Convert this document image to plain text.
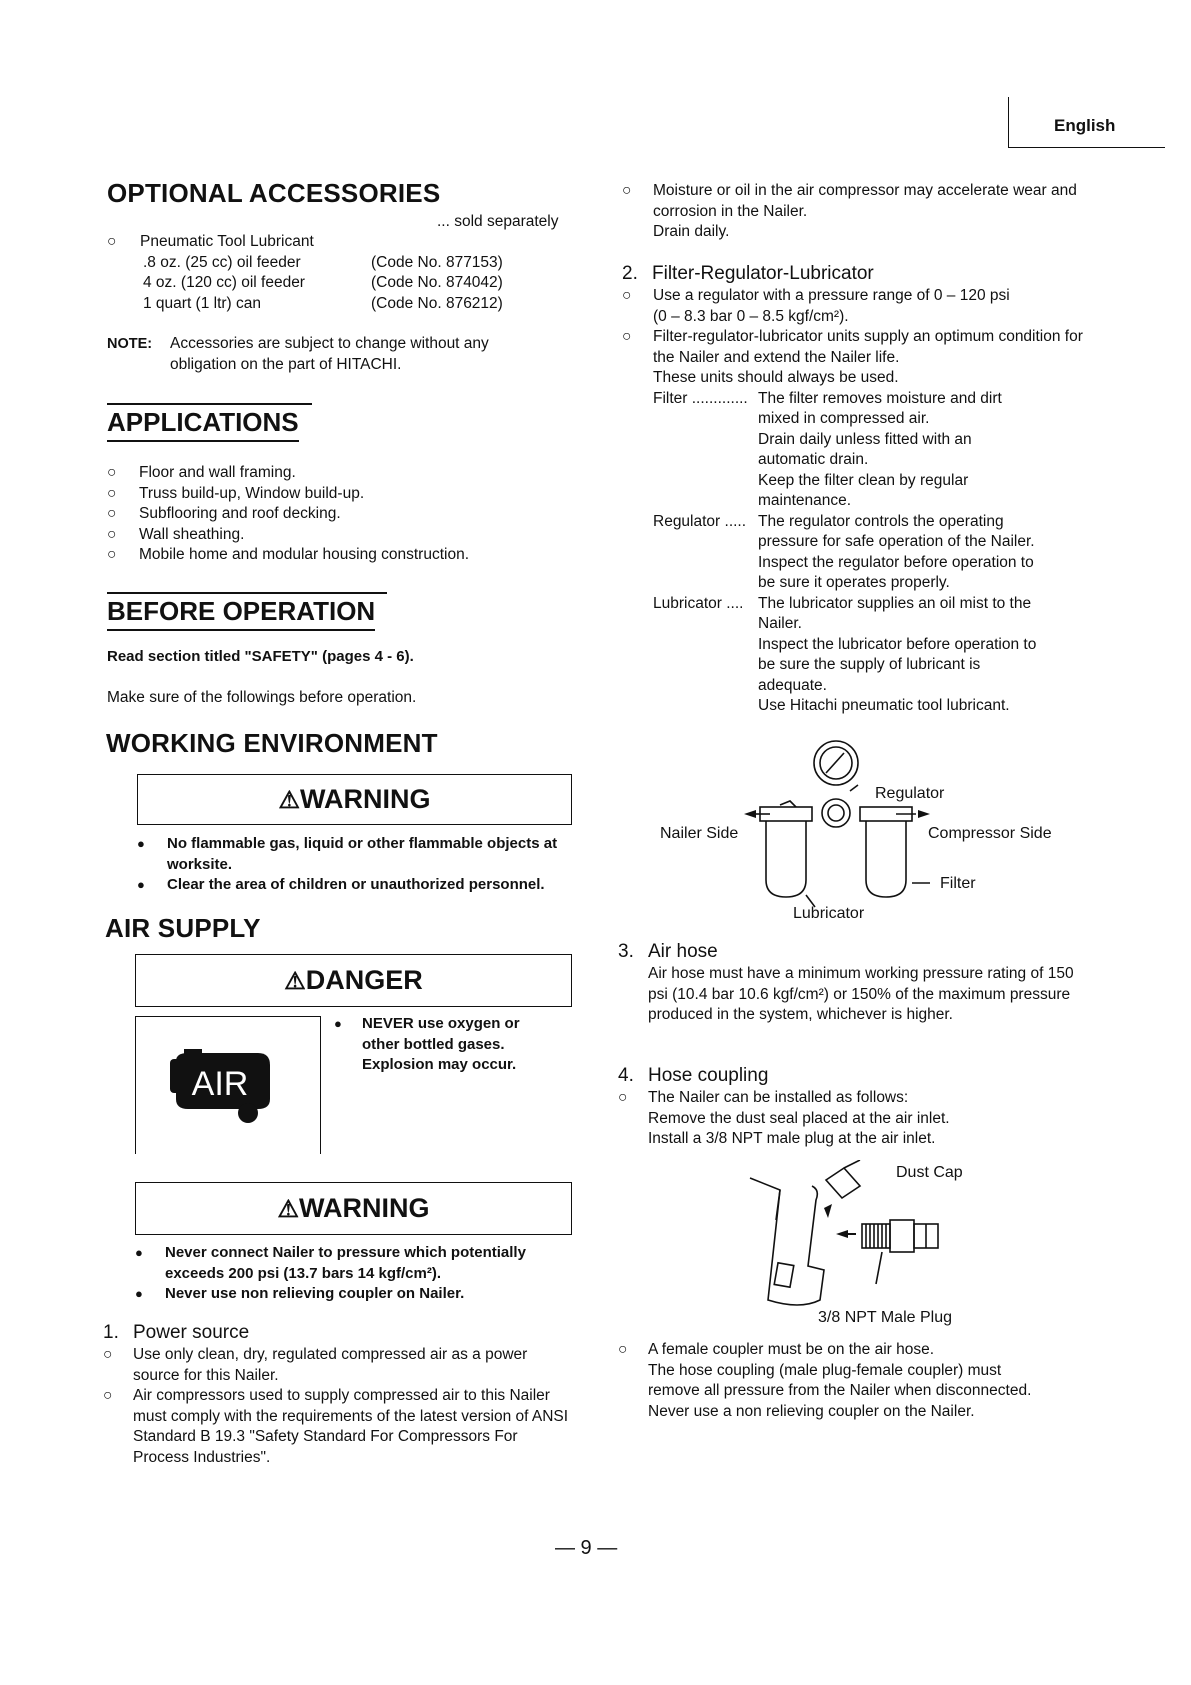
English
OPTIONAL ACCESSORIES
... sold separately
○ Pneumatic Tool Lubricant
.8 oz. (25 cc) oil feeder	(Code No. 877153)
4 oz. (120 cc) oil feeder	(Code No. 874042)
1 quart (1 ltr) can	(Code No. 876212)
NOTE: Accessories are subject to change without any obligation on the part of HITACHI.
APPLICATIONS
○ Floor and wall framing.
○ Truss build-up, Window build-up.
○ Subflooring and roof decking.
○ Wall sheathing.
○ Mobile home and modular housing construction.
BEFORE OPERATION
Read section titled "SAFETY" (pages 4 - 6).
Make sure of the followings before operation.
WORKING ENVIRONMENT
⚠WARNING
● No flammable gas, liquid or other flammable objects at worksite.
● Clear the area of children or unauthorized personnel.
AIR SUPPLY
⚠DANGER
AIR
● NEVER use oxygen or other bottled gases. Explosion may occur.
⚠WARNING
● Never connect Nailer to pressure which potentially exceeds 200 psi (13.7 bars 14 kgf/cm²).
● Never use non relieving coupler on Nailer.
1. Power source
○ Use only clean, dry, regulated compressed air as a power source for this Nailer.
○ Air compressors used to supply compressed air to this Nailer must comply with the requirements of the latest version of ANSI Standard B 19.3 "Safety Standard For Compressors For Process Industries".
○ Moisture or oil in the air compressor may accelerate wear and corrosion in the Nailer.
Drain daily.
2. Filter-Regulator-Lubricator
○ Use a regulator with a pressure range of 0 – 120 psi
(0 – 8.3 bar 0 – 8.5 kgf/cm²).
○ Filter-regulator-lubricator units supply an optimum condition for the Nailer and extend the Nailer life.
These units should always be used.
Filter ............. The filter removes moisture and dirt
mixed in compressed air.
Drain daily unless fitted with an
automatic drain.
Keep the filter clean by regular
maintenance.
Regulator ..... The regulator controls the operating
pressure for safe operation of the Nailer.
Inspect the regulator before operation to
be sure it operates properly.
Lubricator .... The lubricator supplies an oil mist to the
Nailer.
Inspect the lubricator before operation to
be sure the supply of lubricant is
adequate.
Use Hitachi pneumatic tool lubricant.
Regulator
Nailer Side	Compressor Side
Filter
Lubricator
3. Air hose
Air hose must have a minimum working pressure rating of 150 psi (10.4 bar 10.6 kgf/cm²) or 150% of the maximum pressure produced in the system, whichever is higher.
4. Hose coupling
○ The Nailer can be installed as follows:
Remove the dust seal placed at the air inlet.
Install a 3/8 NPT male plug at the air inlet.
Dust Cap
3/8 NPT Male Plug
○ A female coupler must be on the air hose.
The hose coupling (male plug-female coupler) must
remove all pressure from the Nailer when disconnected.
Never use a non relieving coupler on the Nailer.
— 9 —
